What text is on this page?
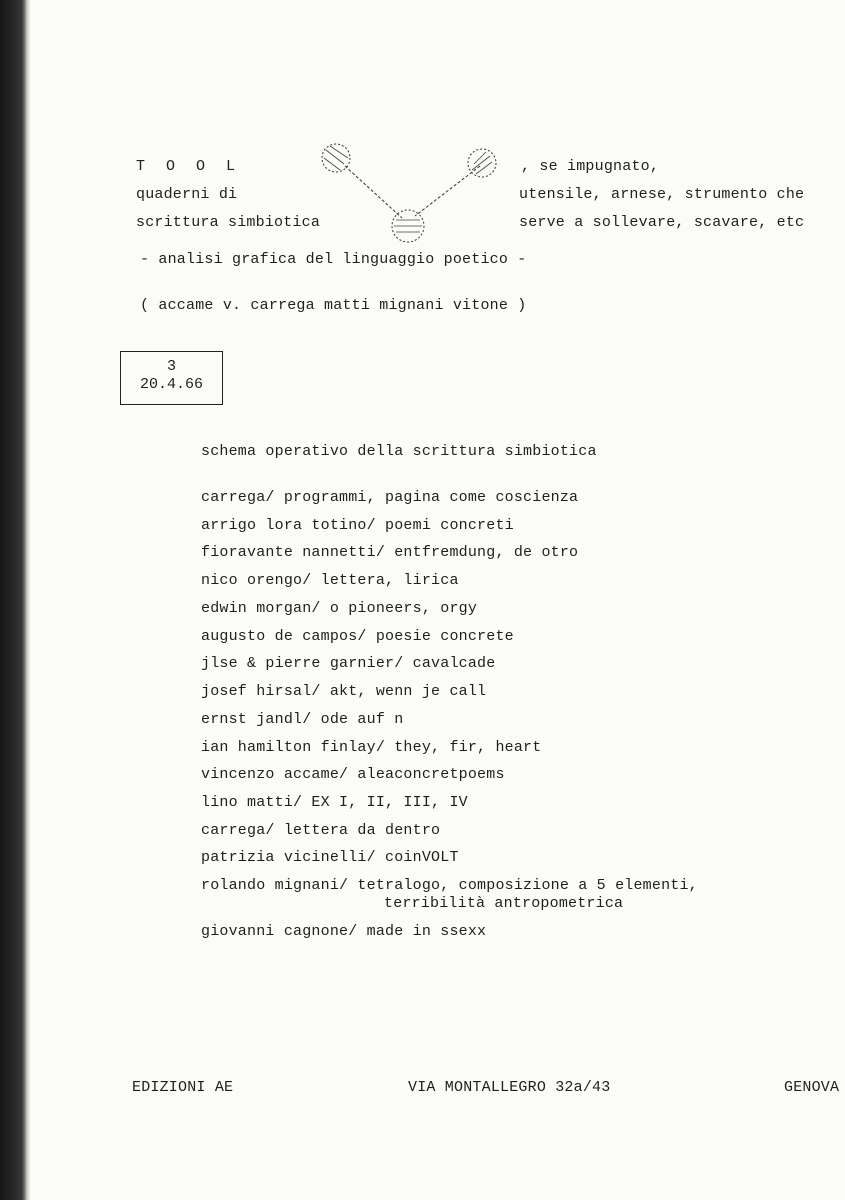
T O O L
quaderni di
scrittura simbiotica
, se impugnato,
utensile, arnese, strumento che
serve a sollevare, scavare, etc
- analisi grafica del linguaggio poetico -
( accame v. carrega matti mignani vitone )
3
20.4.66
schema operativo della scrittura simbiotica
carrega/ programmi, pagina come coscienza
arrigo lora totino/ poemi concreti
fioravante nannetti/ entfremdung, de otro
nico orengo/ lettera, lirica
edwin morgan/ o pioneers, orgy
augusto de campos/ poesie concrete
jlse & pierre garnier/ cavalcade
josef hirsal/ akt, wenn je call
ernst jandl/ ode auf n
ian hamilton finlay/ they, fir, heart
vincenzo accame/ aleaconcretpoems
lino matti/ EX I, II, III, IV
carrega/ lettera da dentro
patrizia vicinelli/ coinVOLT
rolando mignani/ tetralogo, composizione a 5 elementi,
terribilità antropometrica
giovanni cagnone/ made in ssexx
EDIZIONI AE	VIA MONTALLEGRO 32a/43	GENOVA
